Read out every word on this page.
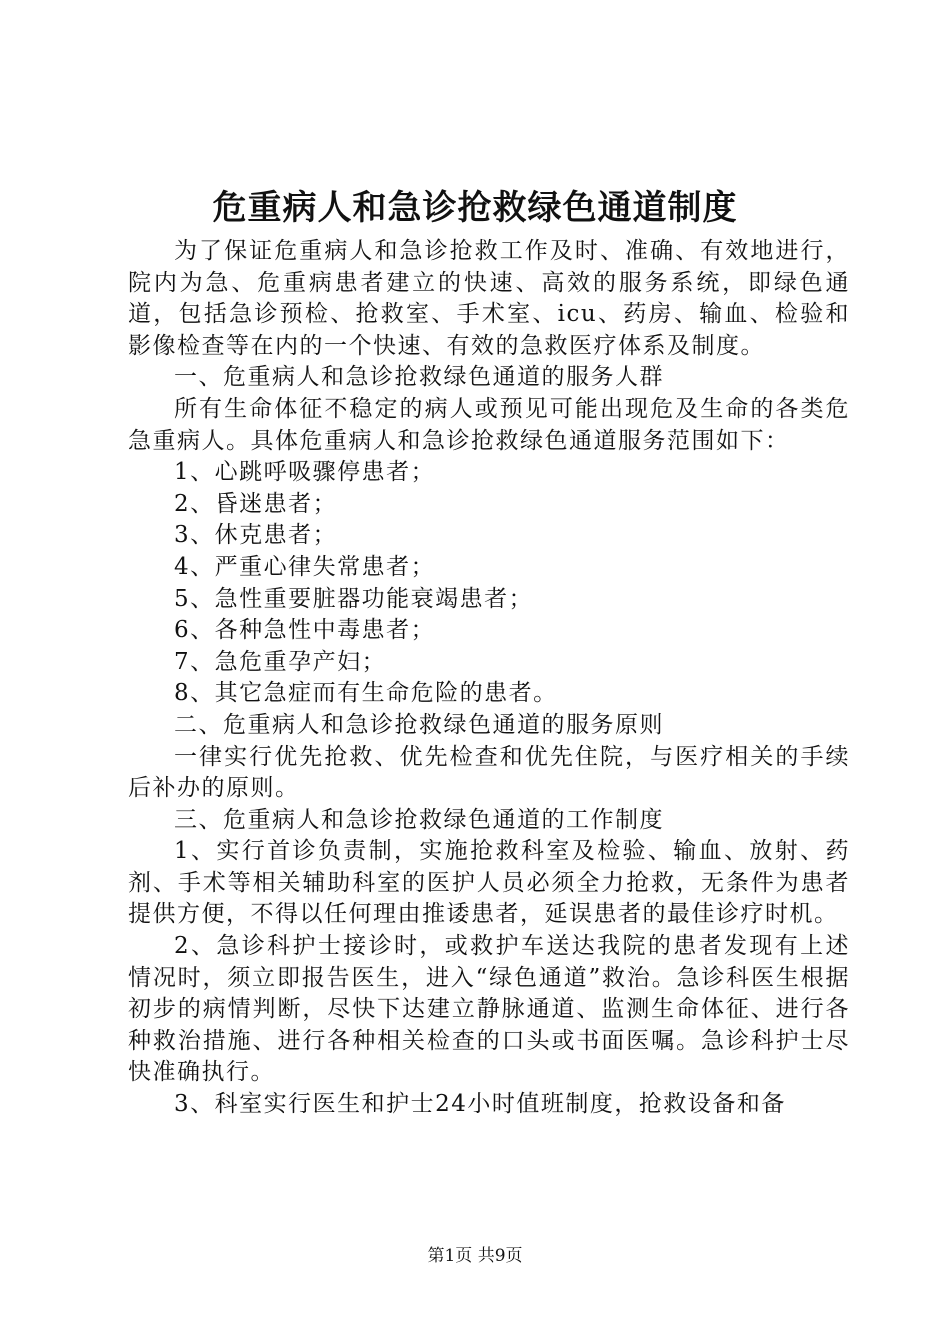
危重病人和急诊抢救绿色通道制度

为了保证危重病人和急诊抢救工作及时、准确、有效地进行，院内为急、危重病患者建立的快速、高效的服务系统，即绿色通道，包括急诊预检、抢救室、手术室、icu、药房、输血、检验和影像检查等在内的一个快速、有效的急救医疗体系及制度。

一、危重病人和急诊抢救绿色通道的服务人群

所有生命体征不稳定的病人或预见可能出现危及生命的各类危急重病人。具体危重病人和急诊抢救绿色通道服务范围如下：

1、心跳呼吸骤停患者；

2、昏迷患者；

3、休克患者；

4、严重心律失常患者；

5、急性重要脏器功能衰竭患者；

6、各种急性中毒患者；

7、急危重孕产妇；

8、其它急症而有生命危险的患者。

二、危重病人和急诊抢救绿色通道的服务原则

一律实行优先抢救、优先检查和优先住院，与医疗相关的手续后补办的原则。

三、危重病人和急诊抢救绿色通道的工作制度

1、实行首诊负责制，实施抢救科室及检验、输血、放射、药剂、手术等相关辅助科室的医护人员必须全力抢救，无条件为患者提供方便，不得以任何理由推诿患者，延误患者的最佳诊疗时机。

2、急诊科护士接诊时，或救护车送达我院的患者发现有上述情况时，须立即报告医生，进入“绿色通道”救治。急诊科医生根据初步的病情判断，尽快下达建立静脉通道、监测生命体征、进行各种救治措施、进行各种相关检查的口头或书面医嘱。急诊科护士尽快准确执行。

3、科室实行医生和护士24小时值班制度，抢救设备和备

第1页 共9页
